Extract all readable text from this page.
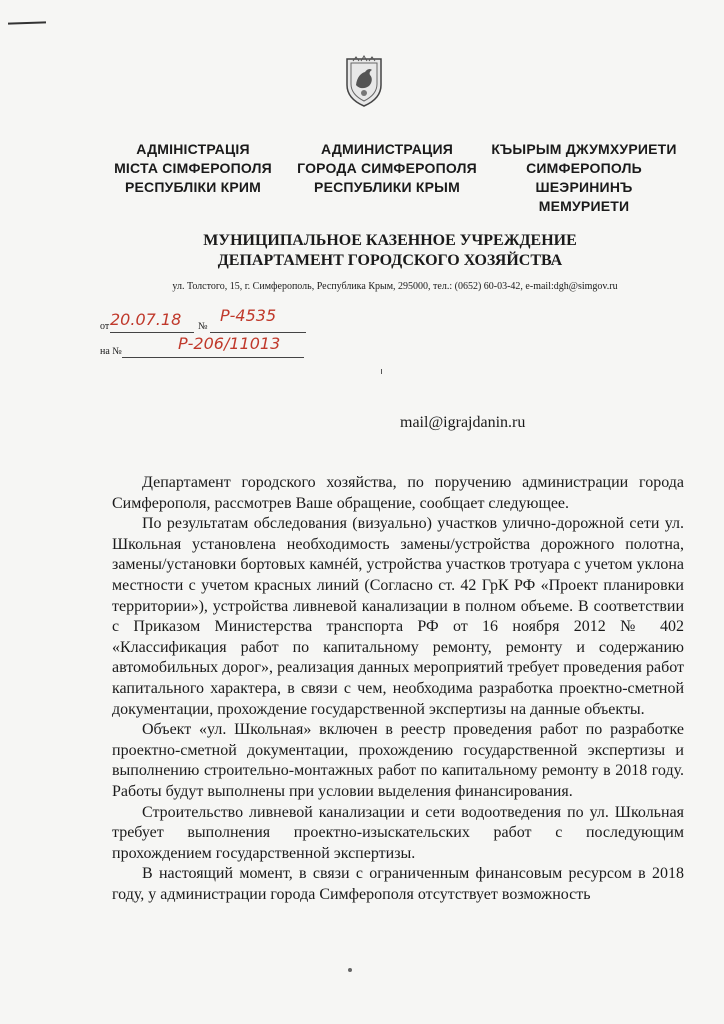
АДМІНІСТРАЦІЯ
МІСТА СІМФЕРОПОЛЯ
РЕСПУБЛІКИ КРИМ
АДМИНИСТРАЦИЯ
ГОРОДА СИМФЕРОПОЛЯ
РЕСПУБЛИКИ КРЫМ
КЪЫРЫМ ДЖУМХУРИЕТИ
СИМФЕРОПОЛЬ
ШЕЭРИНИНЪ
МЕМУРИЕТИ
МУНИЦИПАЛЬНОЕ КАЗЕННОЕ УЧРЕЖДЕНИЕ
ДЕПАРТАМЕНТ ГОРОДСКОГО ХОЗЯЙСТВА
ул. Толстого, 15, г. Симферополь, Республика Крым, 295000, тел.: (0652) 60-03-42, e-mail:dgh@simgov.ru
от 20.07.18 №
Р-4535
на №	Р-206/11013
mail@igrajdanin.ru

Департамент городского хозяйства, по поручению администрации города Симферополя, рассмотрев Ваше обращение, сообщает следующее.

По результатам обследования (визуально) участков улично-дорожной сети ул. Школьная установлена необходимость замены/устройства дорожного полотна, замены/установки бортовых камнéй, устройства участков тротуара с учетом уклона местности с учетом красных линий (Согласно ст. 42 ГрК РФ «Проект планировки территории»), устройства ливневой канализации в полном объеме. В соответствии с Приказом Министерства транспорта РФ от 16 ноября 2012 № 402 «Классификация работ по капитальному ремонту, ремонту и содержанию автомобильных дорог», реализация данных мероприятий требует проведения работ капитального характера, в связи с чем, необходима разработка проектно-сметной документации, прохождение государственной экспертизы на данные объекты.

Объект «ул. Школьная» включен в реестр проведения работ по разработке проектно-сметной документации, прохождению государственной экспертизы и выполнению строительно-монтажных работ по капитальному ремонту в 2018 году. Работы будут выполнены при условии выделения финансирования.

Строительство ливневой канализации и сети водоотведения по ул. Школьная требует выполнения проектно-изыскательских работ с последующим прохождением государственной экспертизы.

В настоящий момент, в связи с ограниченным финансовым ресурсом в 2018 году, у администрации города Симферополя отсутствует возможность
